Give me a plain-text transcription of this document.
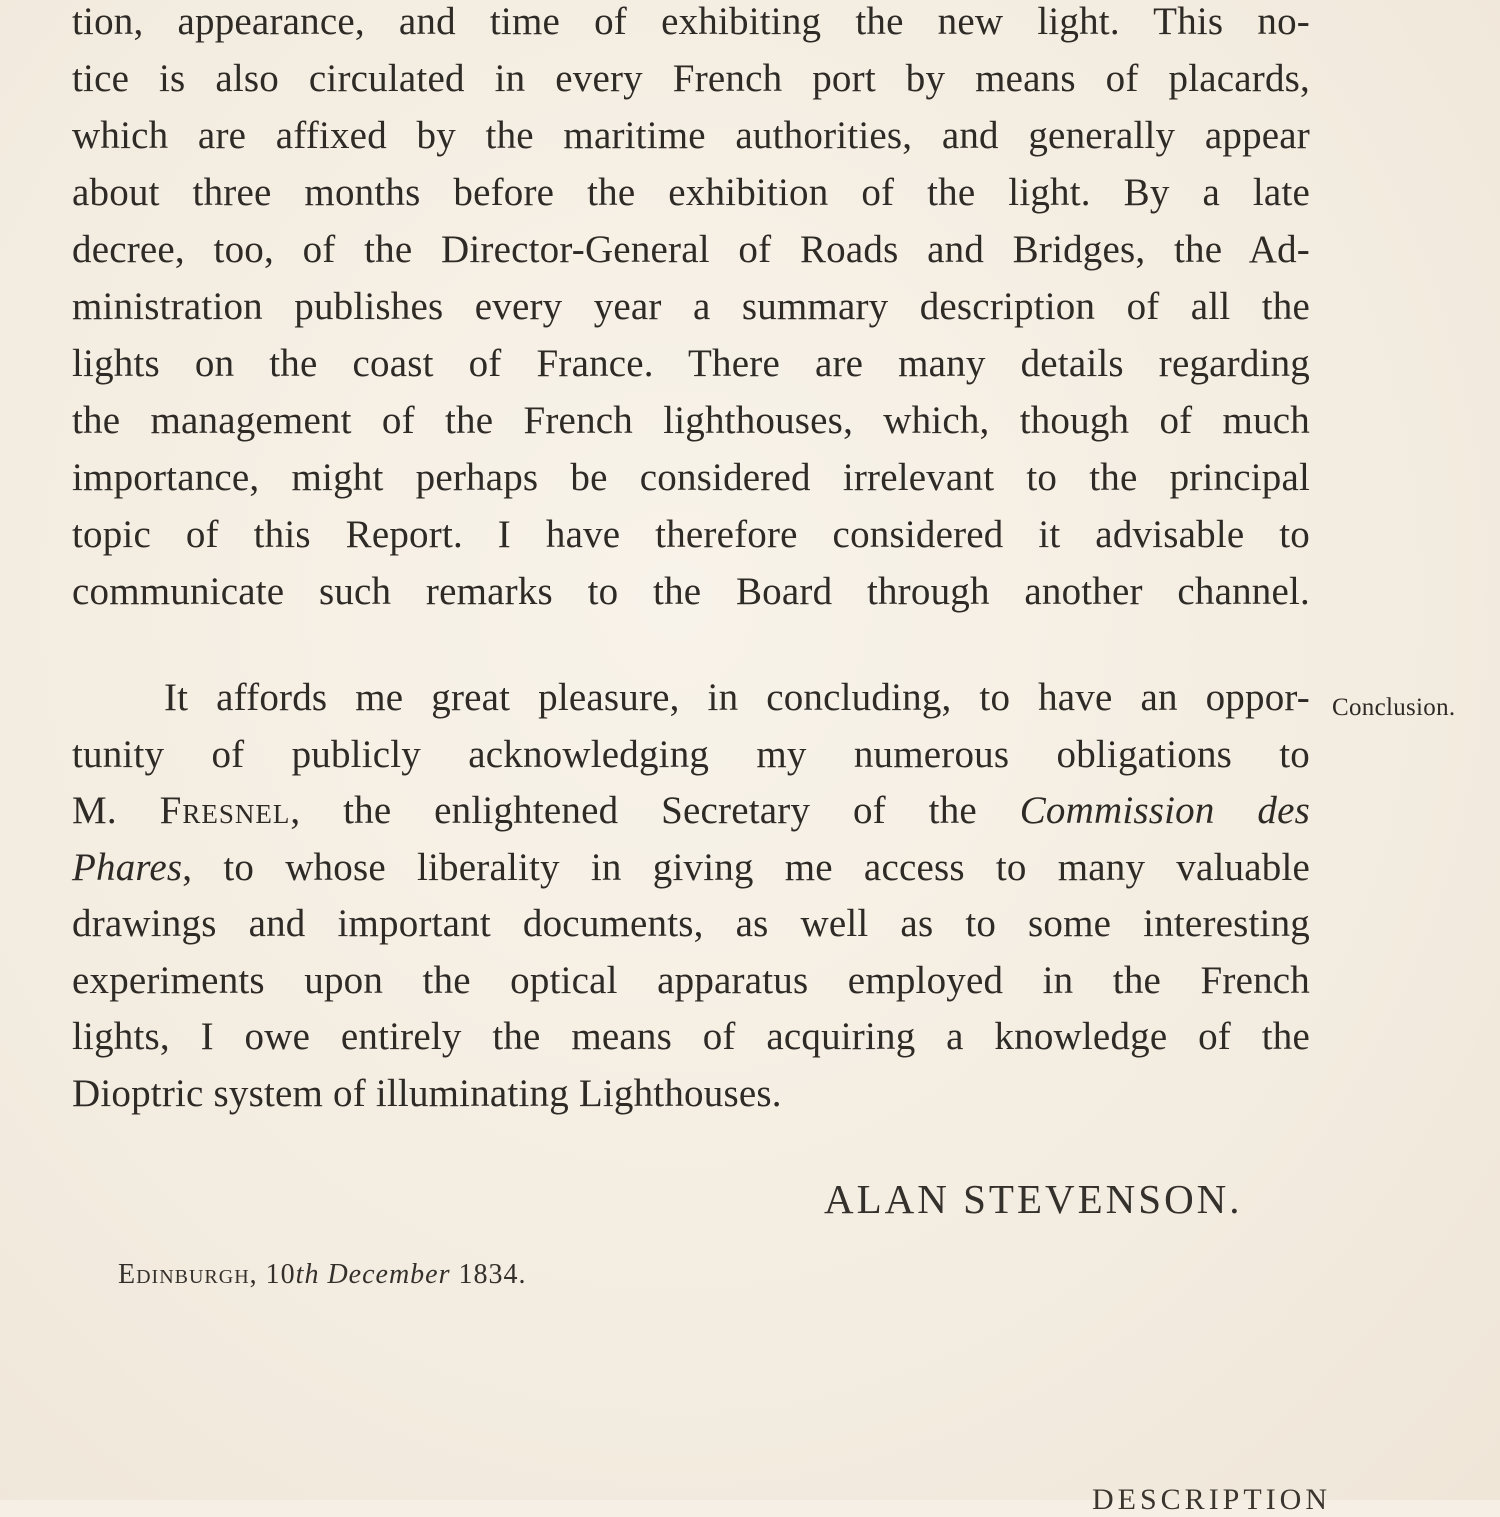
tion, appearance, and time of exhibiting the new light. This no-
tice is also circulated in every French port by means of placards,
which are affixed by the maritime authorities, and generally appear
about three months before the exhibition of the light. By a late
decree, too, of the Director-General of Roads and Bridges, the Ad-
ministration publishes every year a summary description of all the
lights on the coast of France. There are many details regarding
the management of the French lighthouses, which, though of much
importance, might perhaps be considered irrelevant to the principal
topic of this Report. I have therefore considered it advisable to
communicate such remarks to the Board through another channel.
It affords me great pleasure, in concluding, to have an oppor-
tunity of publicly acknowledging my numerous obligations to
M. Fresnel, the enlightened Secretary of the Commission des
Phares, to whose liberality in giving me access to many valuable
drawings and important documents, as well as to some interesting
experiments upon the optical apparatus employed in the French
lights, I owe entirely the means of acquiring a knowledge of the
Dioptric system of illuminating Lighthouses.
Conclusion.
ALAN STEVENSON.
Edinburgh, 10th December 1834.
DESCRIPTION
